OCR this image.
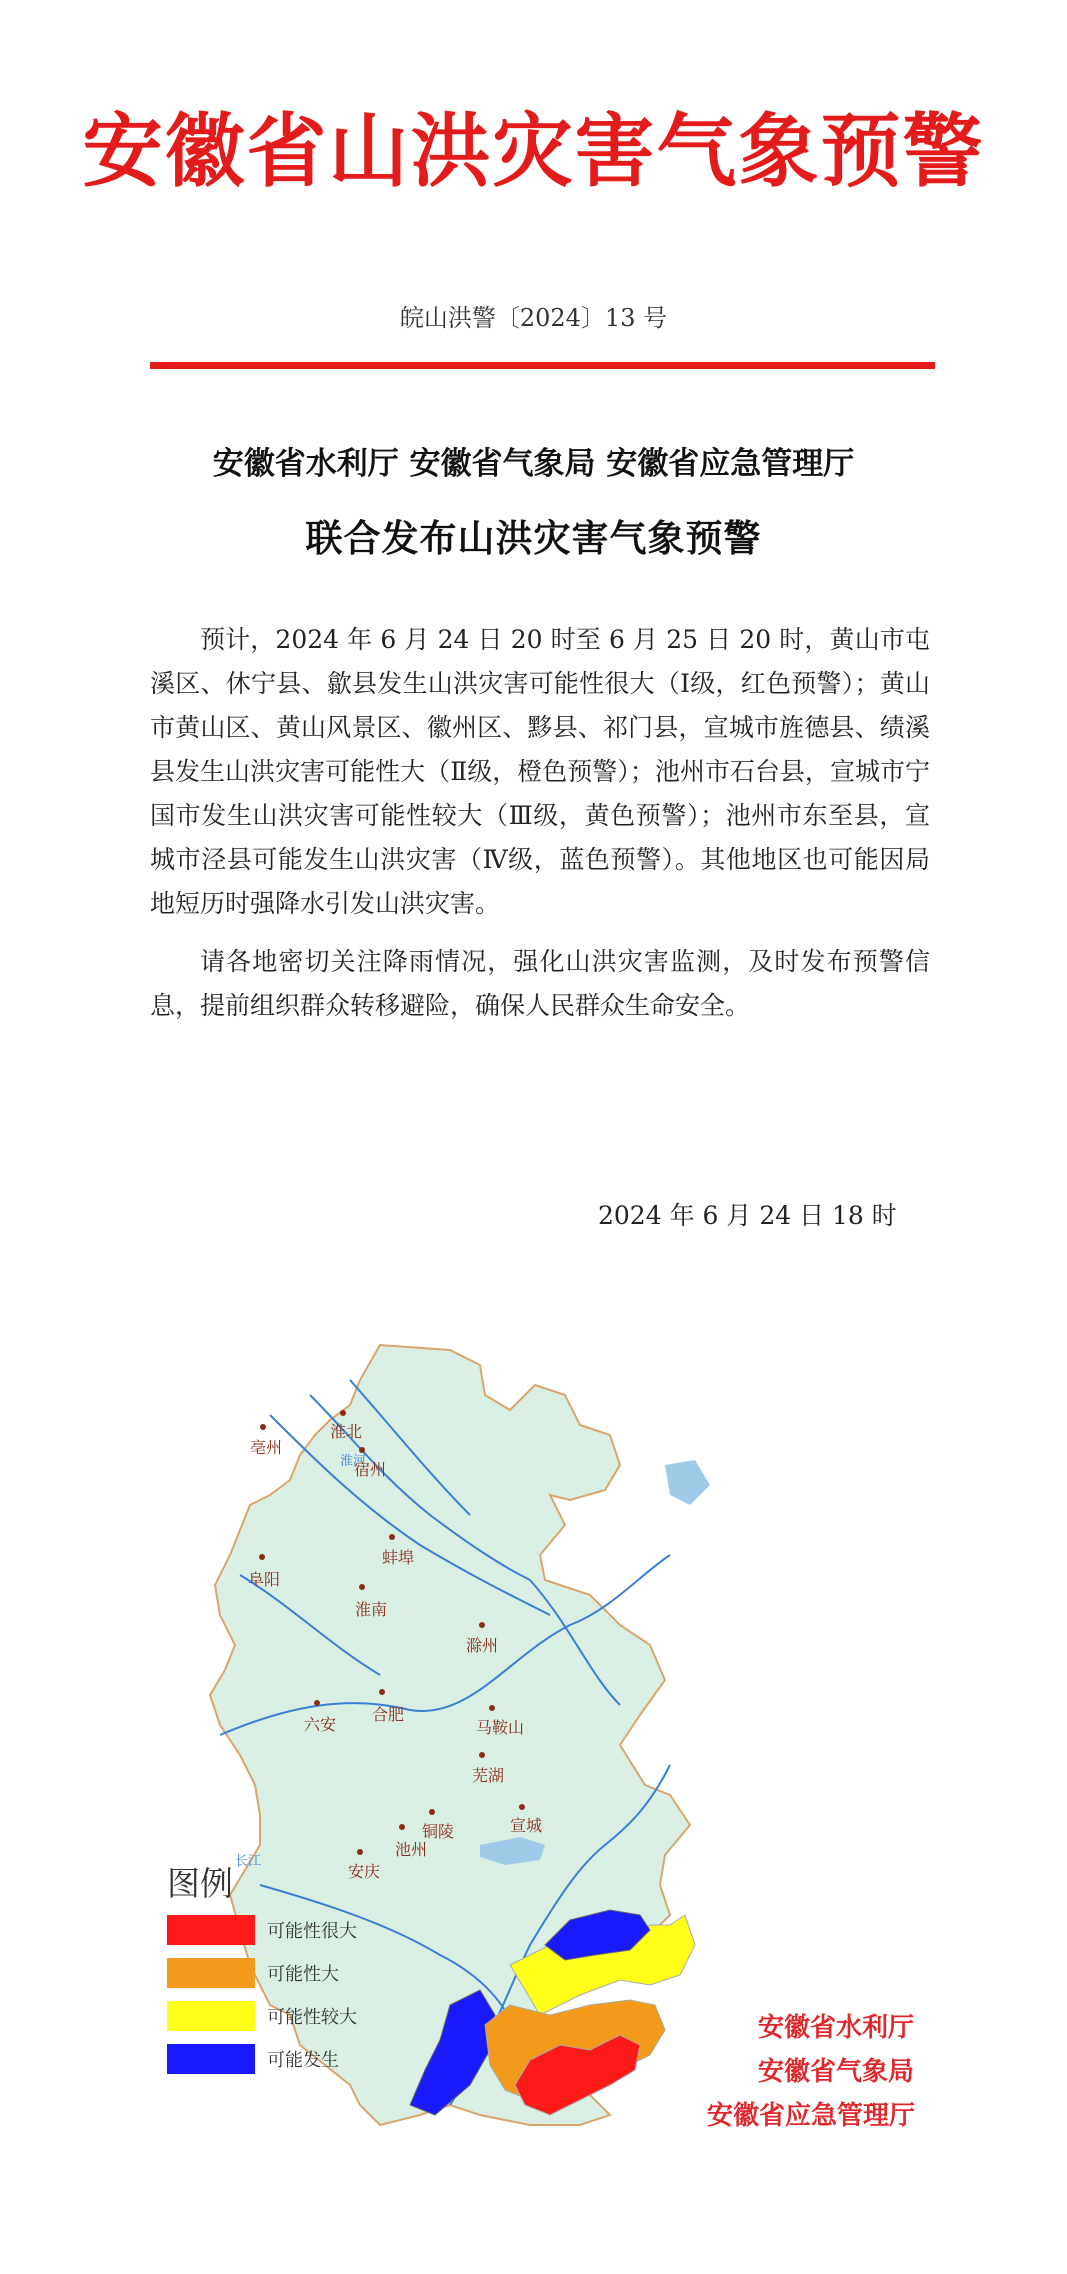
安徽省山洪灾害气象预警
皖山洪警〔2024〕13 号
安徽省水利厅 安徽省气象局 安徽省应急管理厅
联合发布山洪灾害气象预警

预计，2024 年 6 月 24 日 20 时至 6 月 25 日 20 时，黄山市屯溪区、休宁县、歙县发生山洪灾害可能性很大（Ⅰ级，红色预警）；黄山市黄山区、黄山风景区、徽州区、黟县、祁门县，宣城市旌德县、绩溪县发生山洪灾害可能性大（Ⅱ级，橙色预警）；池州市石台县，宣城市宁国市发生山洪灾害可能性较大（Ⅲ级，黄色预警）；池州市东至县，宣城市泾县可能发生山洪灾害（Ⅳ级，蓝色预警）。其他地区也可能因局地短历时强降水引发山洪灾害。

请各地密切关注降雨情况，强化山洪灾害监测，及时发布预警信息，提前组织群众转移避险，确保人民群众生命安全。

2024 年 6 月 24 日 18 时
亳州
淮北
宿州
阜阳
蚌埠
淮南
滁州
六安
合肥
马鞍山
芜湖
铜陵	宣城
池州
安庆
淮河
长江
图例
可能性很大
可能性大
可能性较大
可能发生
安徽省水利厅
安徽省气象局
安徽省应急管理厅
